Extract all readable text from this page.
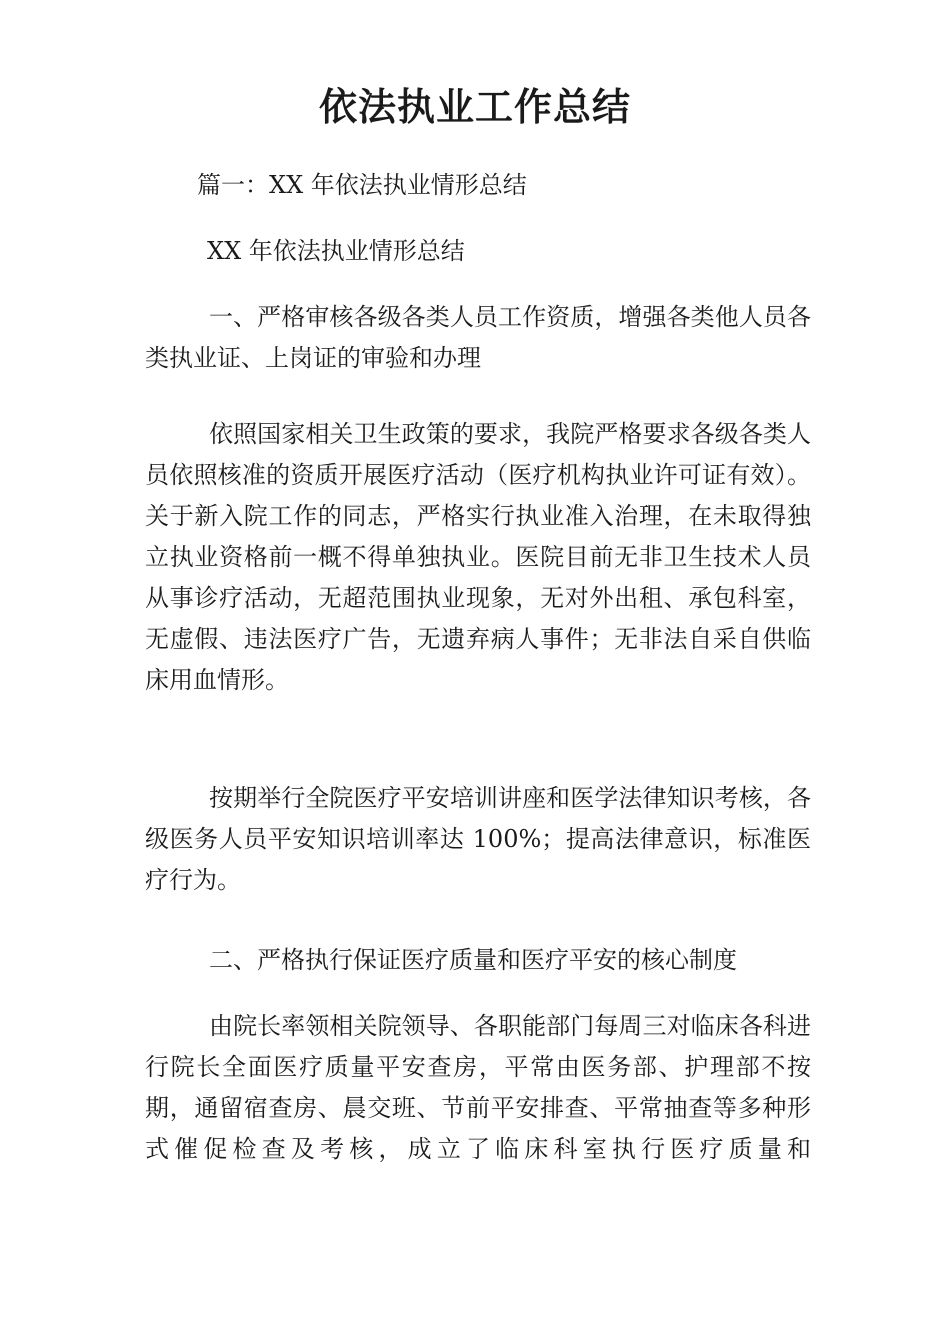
依法执业工作总结

篇一：XX 年依法执业情形总结

XX 年依法执业情形总结

一、严格审核各级各类人员工作资质，增强各类他人员各类执业证、上岗证的审验和办理

依照国家相关卫生政策的要求，我院严格要求各级各类人员依照核准的资质开展医疗活动（医疗机构执业许可证有效）。关于新入院工作的同志，严格实行执业准入治理，在未取得独立执业资格前一概不得单独执业。医院目前无非卫生技术人员从事诊疗活动，无超范围执业现象，无对外出租、承包科室，无虚假、违法医疗广告，无遗弃病人事件；无非法自采自供临床用血情形。

按期举行全院医疗平安培训讲座和医学法律知识考核，各级医务人员平安知识培训率达 100%；提高法律意识，标准医疗行为。

二、严格执行保证医疗质量和医疗平安的核心制度

由院长率领相关院领导、各职能部门每周三对临床各科进行院长全面医疗质量平安查房，平常由医务部、护理部不按期，通留宿查房、晨交班、节前平安排查、平常抽查等多种形式催促检查及考核，成立了临床科室执行医疗质量和
